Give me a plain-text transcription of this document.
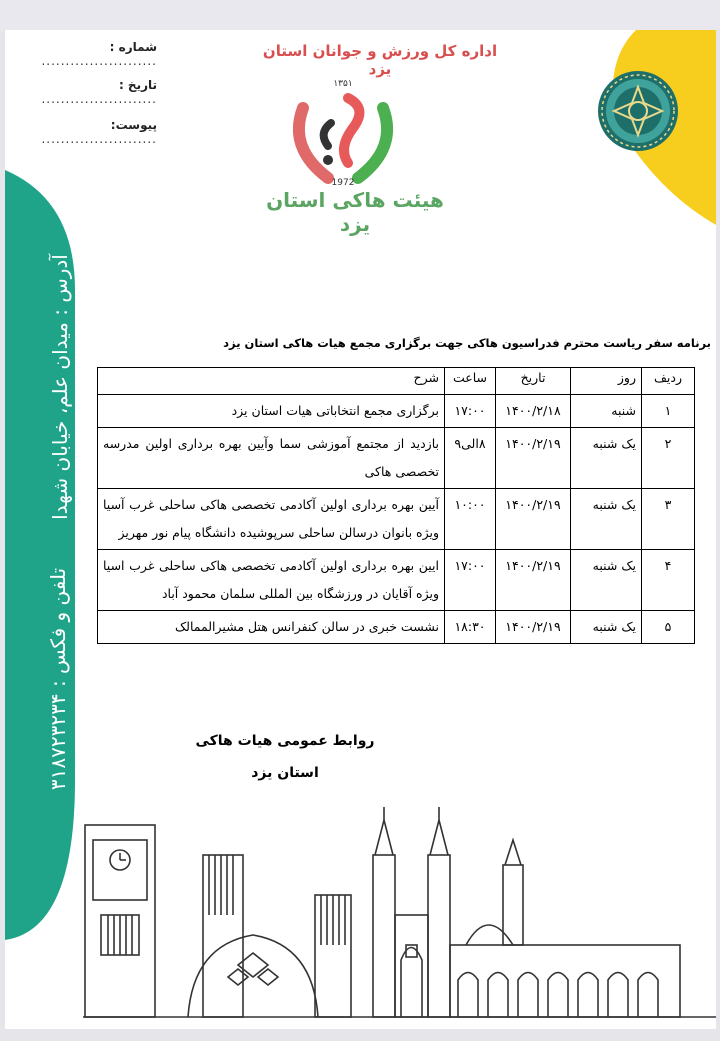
آدرس : میدان علم، خیابان شهدا
تلفن و فکس : ۳۱۸۷۲۳۲۳۴
شماره : ........................
تاریخ : ........................
پیوست: ........................
اداره کل ورزش و جوانان استان یزد
۱۳۵۱
1972
هیئت هاکی استان یزد
برنامه سفر ریاست محترم فدراسیون هاکی جهت برگزاری مجمع هیات هاکی استان یزد
ردیف	روز	تاریخ	ساعت	شرح
۱	شنبه	۱۴۰۰/۲/۱۸	۱۷:۰۰	برگزاری مجمع انتخاباتی هیات استان یزد
۲	یک شنبه	۱۴۰۰/۲/۱۹	۸الی۹	بازدید از مجتمع آموزشی سما وآیین بهره برداری اولین مدرسه تخصصی هاکی
۳	یک شنبه	۱۴۰۰/۲/۱۹	۱۰:۰۰	آیین بهره برداری اولین آکادمی تخصصی هاکی ساحلی غرب آسیا ویژه بانوان درسالن ساحلی سرپوشیده دانشگاه پیام نور مهریز
۴	یک شنبه	۱۴۰۰/۲/۱۹	۱۷:۰۰	ایین بهره برداری اولین آکادمی تخصصی هاکی ساحلی غرب اسیا ویژه آقایان در ورزشگاه بین المللی سلمان محمود آباد
۵	یک شنبه	۱۴۰۰/۲/۱۹	۱۸:۳۰	نشست خبری در سالن کنفرانس هتل مشیرالممالک
روابط عمومی هیات هاکی
استان یزد
